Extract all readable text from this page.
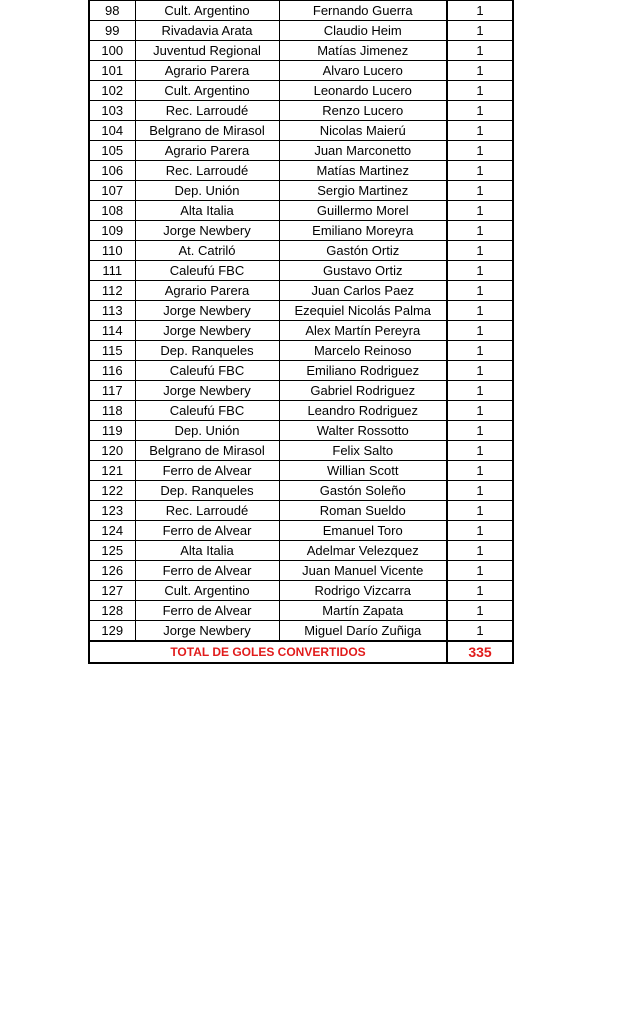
98	Cult. Argentino	Fernando Guerra	1
99	Rivadavia Arata	Claudio Heim	1
100	Juventud Regional	Matías Jimenez	1
101	Agrario Parera	Alvaro Lucero	1
102	Cult. Argentino	Leonardo Lucero	1
103	Rec. Larroudé	Renzo Lucero	1
104	Belgrano de Mirasol	Nicolas Maierú	1
105	Agrario Parera	Juan Marconetto	1
106	Rec. Larroudé	Matías Martinez	1
107	Dep. Unión	Sergio Martinez	1
108	Alta Italia	Guillermo Morel	1
109	Jorge Newbery	Emiliano Moreyra	1
110	At. Catriló	Gastón Ortiz	1
111	Caleufú FBC	Gustavo Ortiz	1
112	Agrario Parera	Juan Carlos Paez	1
113	Jorge Newbery	Ezequiel Nicolás Palma	1
114	Jorge Newbery	Alex Martín Pereyra	1
115	Dep. Ranqueles	Marcelo Reinoso	1
116	Caleufú FBC	Emiliano Rodriguez	1
117	Jorge Newbery	Gabriel Rodriguez	1
118	Caleufú FBC	Leandro Rodriguez	1
119	Dep. Unión	Walter Rossotto	1
120	Belgrano de Mirasol	Felix Salto	1
121	Ferro de Alvear	Willian Scott	1
122	Dep. Ranqueles	Gastón Soleño	1
123	Rec. Larroudé	Roman Sueldo	1
124	Ferro de Alvear	Emanuel Toro	1
125	Alta Italia	Adelmar Velezquez	1
126	Ferro de Alvear	Juan Manuel Vicente	1
127	Cult. Argentino	Rodrigo Vizcarra	1
128	Ferro de Alvear	Martín Zapata	1
129	Jorge Newbery	Miguel Darío Zuñiga	1
TOTAL DE GOLES CONVERTIDOS			335
